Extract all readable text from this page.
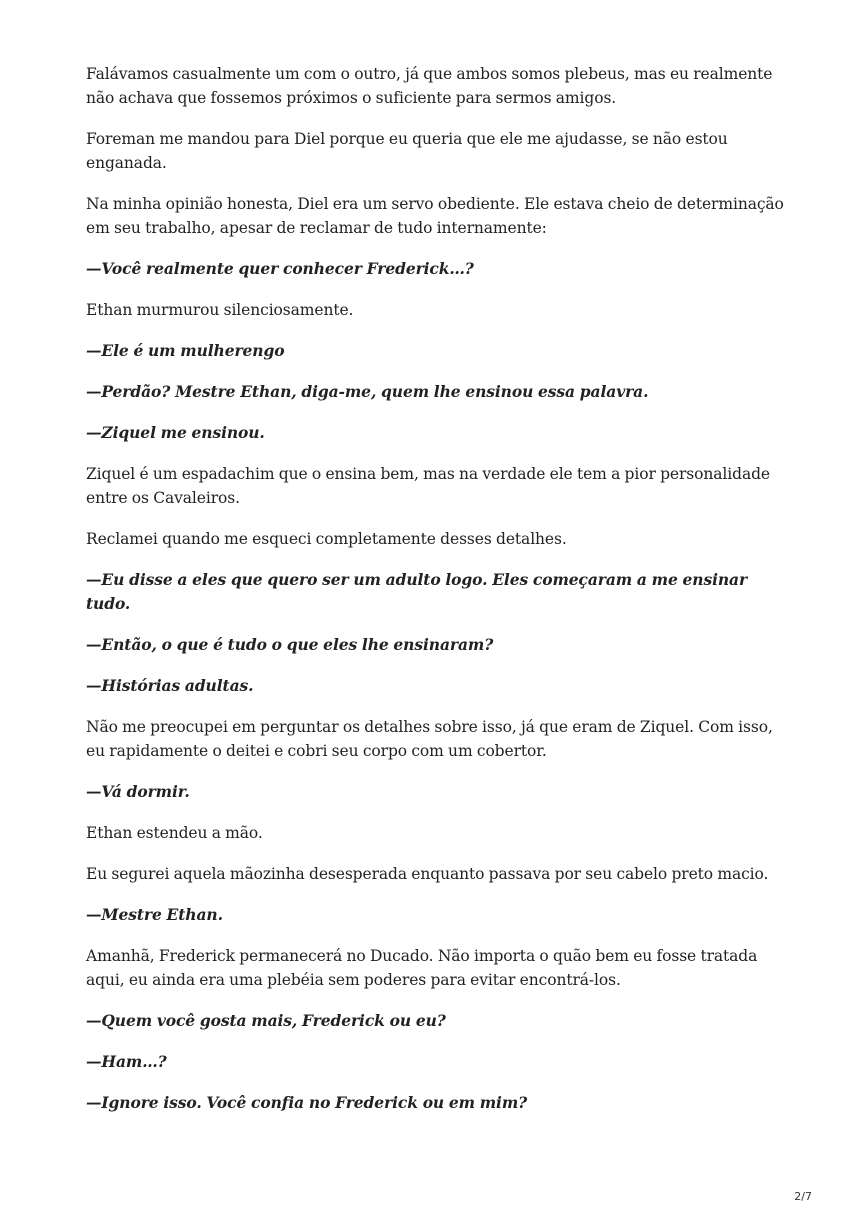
Falávamos casualmente um com o outro, já que ambos somos plebeus, mas eu realmente não achava que fossemos próximos o suficiente para sermos amigos.

Foreman me mandou para Diel porque eu queria que ele me ajudasse, se não estou enganada.

Na minha opinião honesta, Diel era um servo obediente. Ele estava cheio de determinação em seu trabalho, apesar de reclamar de tudo internamente:

—Você realmente quer conhecer Frederick…?

Ethan murmurou silenciosamente.

—Ele é um mulherengo

—Perdão? Mestre Ethan, diga-me, quem lhe ensinou essa palavra.

—Ziquel me ensinou.

Ziquel é um espadachim que o ensina bem, mas na verdade ele tem a pior personalidade entre os Cavaleiros.

Reclamei quando me esqueci completamente desses detalhes.

—Eu disse a eles que quero ser um adulto logo. Eles começaram a me ensinar tudo.

—Então, o que é tudo o que eles lhe ensinaram?

—Histórias adultas.

Não me preocupei em perguntar os detalhes sobre isso, já que eram de Ziquel. Com isso, eu rapidamente o deitei e cobri seu corpo com um cobertor.

—Vá dormir.

Ethan estendeu a mão.

Eu segurei aquela mãozinha desesperada enquanto passava por seu cabelo preto macio.

—Mestre Ethan.

Amanhã, Frederick permanecerá no Ducado. Não importa o quão bem eu fosse tratada aqui, eu ainda era uma plebéia sem poderes para evitar encontrá-los.

—Quem você gosta mais, Frederick ou eu?

—Ham…?

—Ignore isso. Você confia no Frederick ou em mim?

2/7
